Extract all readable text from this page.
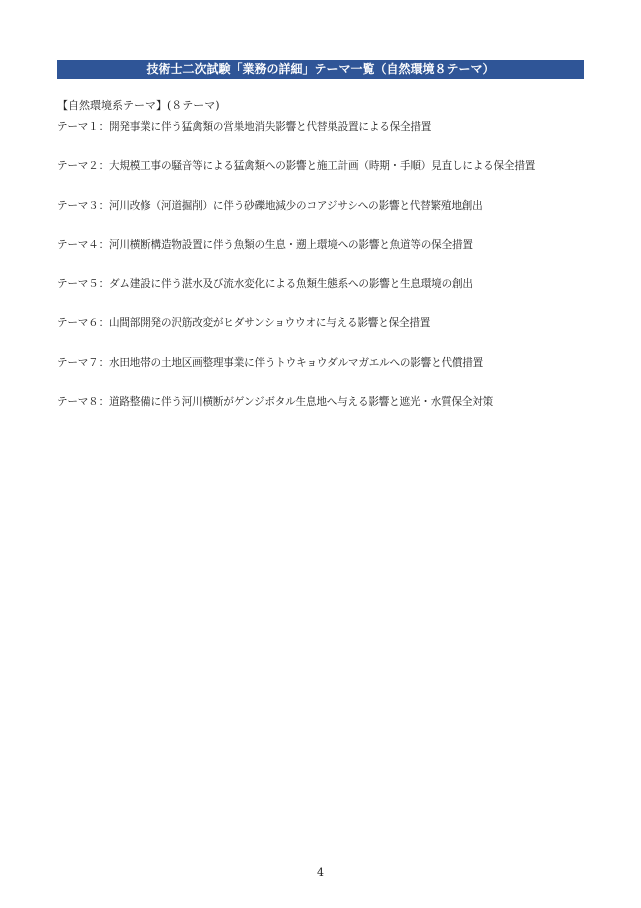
技術士二次試験「業務の詳細」テーマ一覧（自然環境８テーマ）
【自然環境系テーマ】(８テーマ)
テーマ１：開発事業に伴う猛禽類の営巣地消失影響と代替巣設置による保全措置
テーマ２：大規模工事の騒音等による猛禽類への影響と施工計画（時期・手順）見直しによる保全措置
テーマ３：河川改修（河道掘削）に伴う砂礫地減少のコアジサシへの影響と代替繁殖地創出
テーマ４：河川横断構造物設置に伴う魚類の生息・遡上環境への影響と魚道等の保全措置
テーマ５：ダム建設に伴う湛水及び流水変化による魚類生態系への影響と生息環境の創出
テーマ６：山間部開発の沢筋改変がヒダサンショウウオに与える影響と保全措置
テーマ７：水田地帯の土地区画整理事業に伴うトウキョウダルマガエルへの影響と代償措置
テーマ８：道路整備に伴う河川横断がゲンジボタル生息地へ与える影響と遮光・水質保全対策
4
